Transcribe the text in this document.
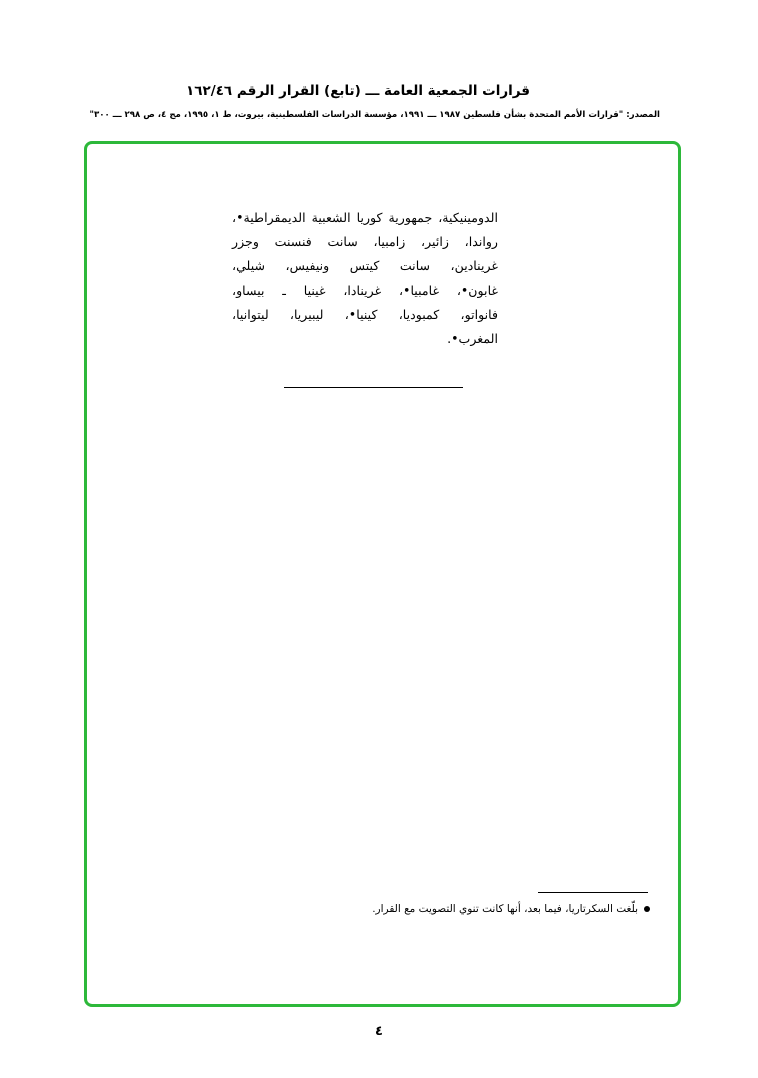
قرارات الجمعية العامة ـــ (تابع) القرار الرقم ١٦٢/٤٦
المصدر: "قرارات الأمم المتحدة بشأن فلسطين ١٩٨٧ ـــ ١٩٩١، مؤسسة الدراسات الفلسطينية، بيروت، ط ١، ١٩٩٥، مج ٤، ص ٢٩٨ ـــ ٣٠٠"
الدومينيكية، جمهورية كوريا الشعبية الديمقراطية•،
رواندا، زائير، زامبيا، سانت فنسنت وجزر
غرينادين، سانت كيتس ونيفيس، شيلي،
غابون•، غامبيا•، غرينادا، غينيا ـ بيساو،
فانواتو، كمبوديا، كينيا•، ليبيريا، ليتوانيا،
المغرب•.
بلّغت السكرتاريا، فيما بعد، أنها كانت تنوي التصويت مع القرار.
٤
